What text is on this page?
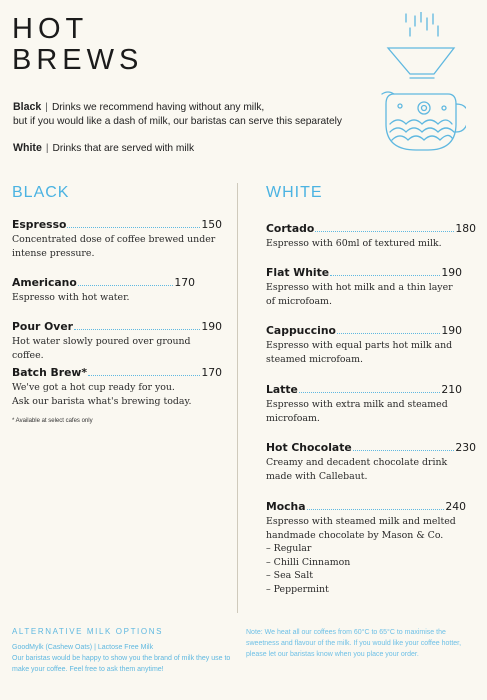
HOT
BREWS
Black | Drinks we recommend having without any milk,
but if you would like a dash of milk, our baristas can serve this separately
White | Drinks that are served with milk
BLACK	WHITE
Espresso	150
Concentrated dose of coffee brewed under intense pressure.
Americano	170
Espresso with hot water.
Pour Over	190
Hot water slowly poured over ground coffee.
Batch Brew*	170
We've got a hot cup ready for you.
Ask our barista what's brewing today.
* Available at select cafes only
Cortado	180
Espresso with 60ml of textured milk.
Flat White	190
Espresso with hot milk and a thin layer of microfoam.
Cappuccino	190
Espresso with equal parts hot milk and steamed microfoam.
Latte	210
Espresso with extra milk and steamed microfoam.
Hot Chocolate	230
Creamy and decadent chocolate drink made with Callebaut.
Mocha	240
Espresso with steamed milk and melted handmade chocolate by Mason & Co.
– Regular
– Chilli Cinnamon
– Sea Salt
– Peppermint
ALTERNATIVE MILK OPTIONS
GoodMylk (Cashew Oats) | Lactose Free Milk
Our baristas would be happy to show you the brand of milk they use to make your coffee. Feel free to ask them anytime!
Note: We heat all our coffees from 60°C to 65°C to maximise the sweetness and flavour of the milk. If you would like your coffee hotter, please let our baristas know when you place your order.
